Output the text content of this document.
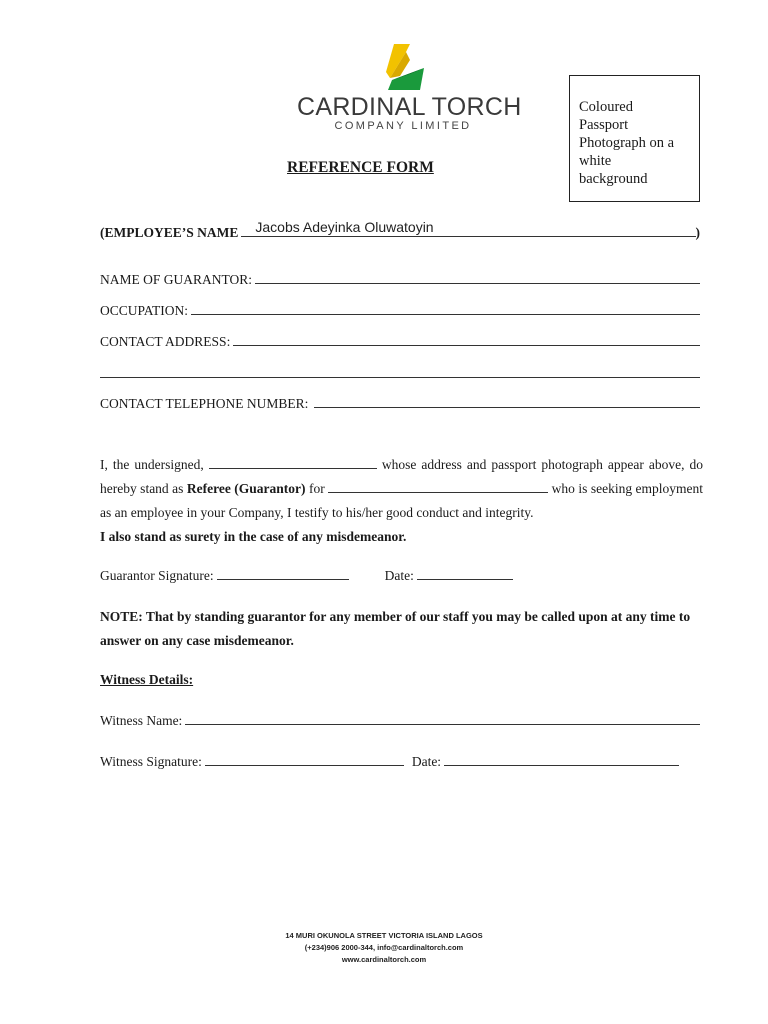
CARDINAL TORCH
COMPANY LIMITED
Coloured
Passport
Photograph on a
white
background
REFERENCE FORM
(EMPLOYEE’S NAME Jacobs Adeyinka Oluwatoyin	)
NAME OF GUARANTOR:
OCCUPATION:
CONTACT ADDRESS:
CONTACT TELEPHONE NUMBER:
I, the undersigned,	whose address and passport photograph appear above, do hereby stand as Referee (Guarantor) for	who is seeking employment as an employee in your Company, I testify to his/her good conduct and integrity.
I also stand as surety in the case of any misdemeanor.
Guarantor Signature:	Date:
NOTE: That by standing guarantor for any member of our staff you may be called upon at any time to answer on any case misdemeanor.
Witness Details:
Witness Name:
Witness Signature:	Date:
14 MURI OKUNOLA STREET VICTORIA ISLAND LAGOS
(+234)906 2000-344, info@cardinaltorch.com
www.cardinaltorch.com
